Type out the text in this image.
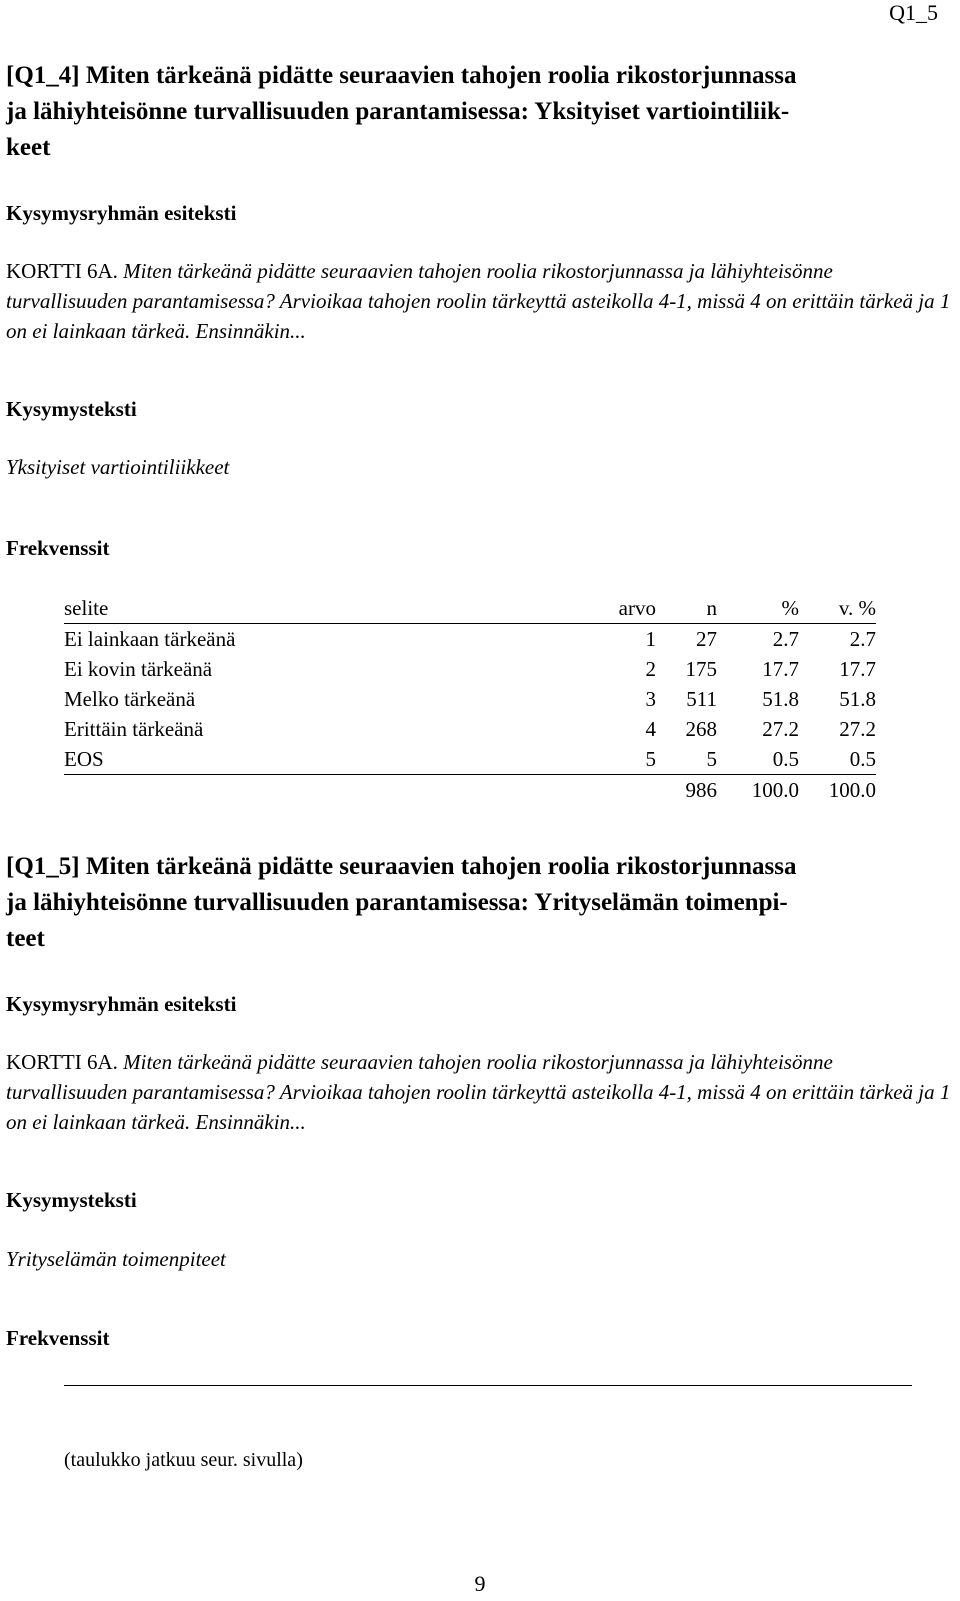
Q1_5
[Q1_4] Miten tärkeänä pidätte seuraavien tahojen roolia rikostorjunnassa
ja lähiyhteisönne turvallisuuden parantamisessa: Yksityiset vartiointiliik-
keet
Kysymysryhmän esiteksti
KORTTI 6A. Miten tärkeänä pidätte seuraavien tahojen roolia rikostorjunnassa ja lähiyhteisönne turvallisuuden parantamisessa? Arvioikaa tahojen roolin tärkeyttä asteikolla 4-1, missä 4 on erittäin tärkeä ja 1 on ei lainkaan tärkeä. Ensinnäkin...
Kysymysteksti
Yksityiset vartiointiliikkeet
Frekvenssit
selite	arvo	n	%	v. %
Ei lainkaan tärkeänä	1	27	2.7	2.7
Ei kovin tärkeänä	2	175	17.7	17.7
Melko tärkeänä	3	511	51.8	51.8
Erittäin tärkeänä	4	268	27.2	27.2
EOS	5	5	0.5	0.5
		986	100.0	100.0
[Q1_5] Miten tärkeänä pidätte seuraavien tahojen roolia rikostorjunnassa
ja lähiyhteisönne turvallisuuden parantamisessa: Yrityselämän toimenpi-
teet
Kysymysryhmän esiteksti
KORTTI 6A. Miten tärkeänä pidätte seuraavien tahojen roolia rikostorjunnassa ja lähiyhteisönne turvallisuuden parantamisessa? Arvioikaa tahojen roolin tärkeyttä asteikolla 4-1, missä 4 on erittäin tärkeä ja 1 on ei lainkaan tärkeä. Ensinnäkin...
Kysymysteksti
Yrityselämän toimenpiteet
Frekvenssit
(taulukko jatkuu seur. sivulla)
9
